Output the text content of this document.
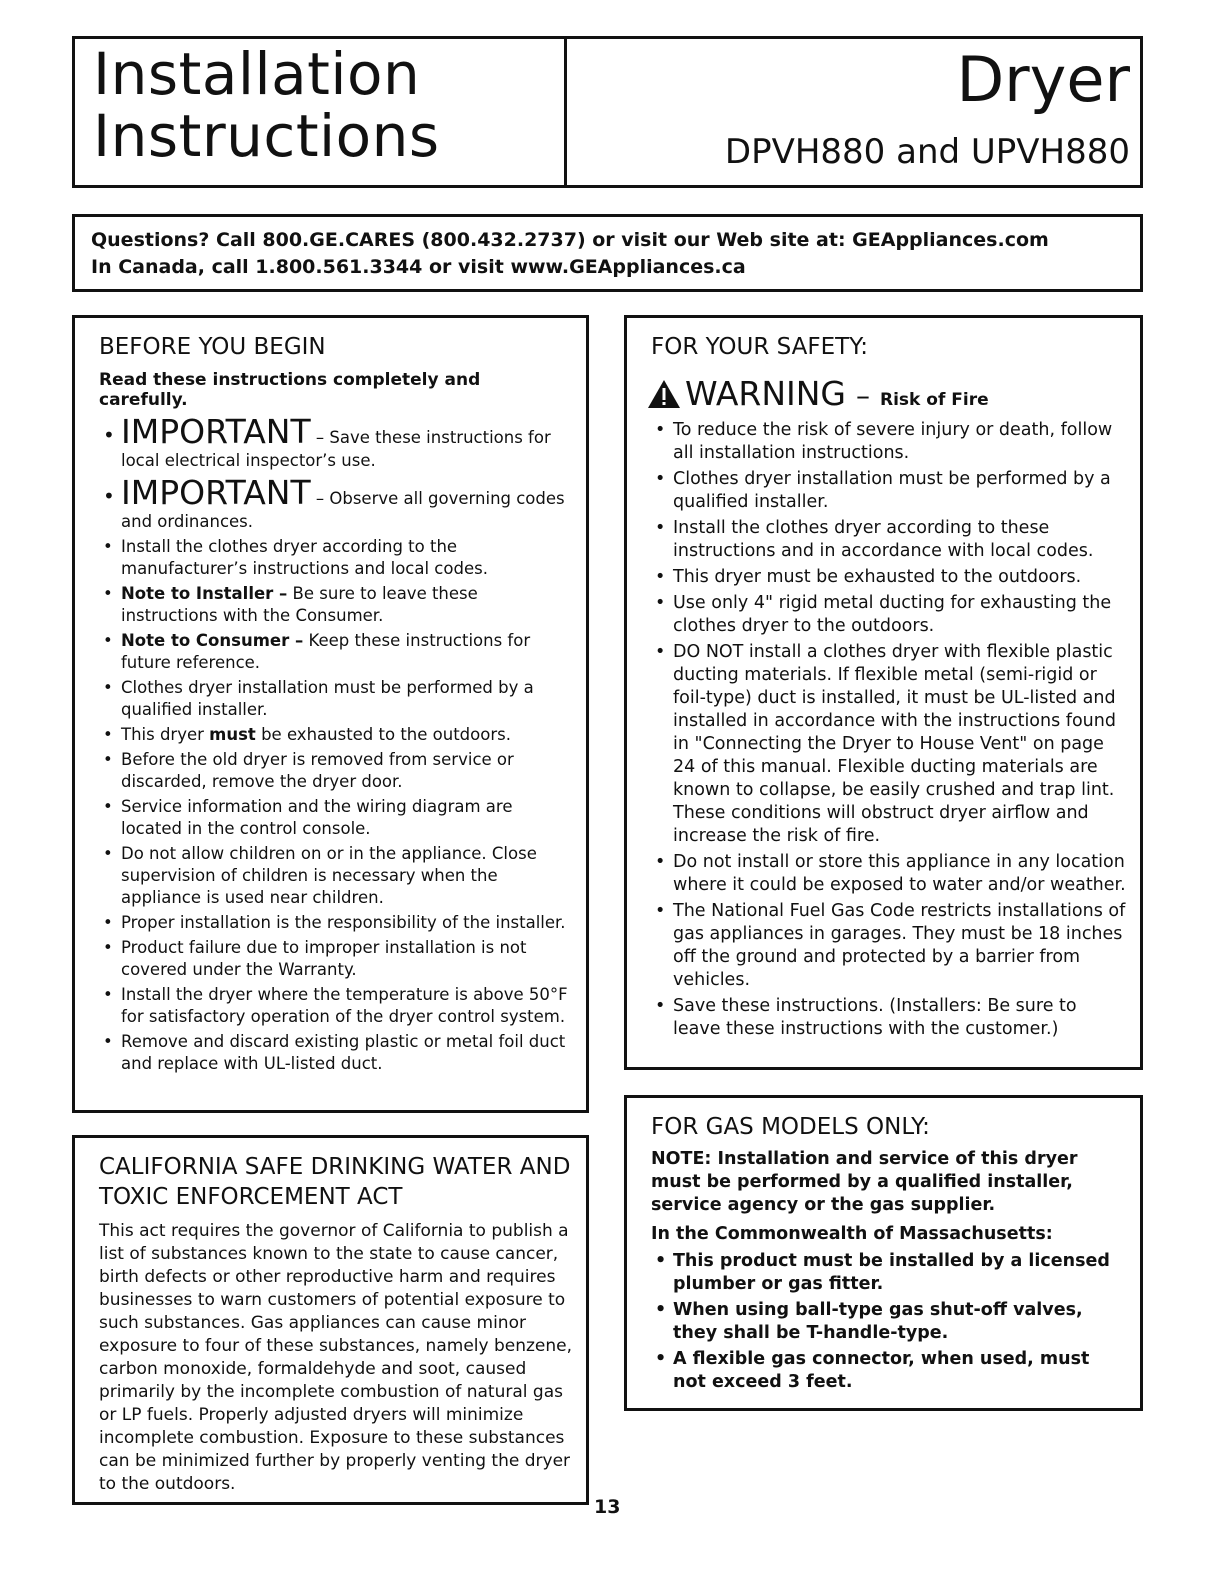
Installation
Instructions
Dryer
DPVH880 and UPVH880
Questions? Call 800.GE.CARES (800.432.2737) or visit our Web site at: GEAppliances.com
In Canada, call 1.800.561.3344 or visit www.GEAppliances.ca
BEFORE YOU BEGIN
Read these instructions completely and carefully.
• IMPORTANT – Save these instructions for local electrical inspector’s use.
• IMPORTANT – Observe all governing codes and ordinances.
• Install the clothes dryer according to the manufacturer’s instructions and local codes.
• Note to Installer – Be sure to leave these instructions with the Consumer.
• Note to Consumer – Keep these instructions for future reference.
• Clothes dryer installation must be performed by a qualified installer.
• This dryer must be exhausted to the outdoors.
• Before the old dryer is removed from service or discarded, remove the dryer door.
• Service information and the wiring diagram are located in the control console.
• Do not allow children on or in the appliance. Close supervision of children is necessary when the appliance is used near children.
• Proper installation is the responsibility of the installer.
• Product failure due to improper installation is not covered under the Warranty.
• Install the dryer where the temperature is above 50°F for satisfactory operation of the dryer control system.
• Remove and discard existing plastic or metal foil duct and replace with UL-listed duct.
CALIFORNIA SAFE DRINKING WATER AND TOXIC ENFORCEMENT ACT

This act requires the governor of California to publish a list of substances known to the state to cause cancer, birth defects or other reproductive harm and requires businesses to warn customers of potential exposure to such substances. Gas appliances can cause minor exposure to four of these substances, namely benzene, carbon monoxide, formaldehyde and soot, caused primarily by the incomplete combustion of natural gas or LP fuels. Properly adjusted dryers will minimize incomplete combustion. Exposure to these substances can be minimized further by properly venting the dryer to the outdoors.

FOR YOUR SAFETY:
WARNING – Risk of Fire
• To reduce the risk of severe injury or death, follow all installation instructions.
• Clothes dryer installation must be performed by a qualified installer.
• Install the clothes dryer according to these instructions and in accordance with local codes.
• This dryer must be exhausted to the outdoors.
• Use only 4" rigid metal ducting for exhausting the clothes dryer to the outdoors.
• DO NOT install a clothes dryer with flexible plastic ducting materials. If flexible metal (semi-rigid or foil-type) duct is installed, it must be UL-listed and installed in accordance with the instructions found in "Connecting the Dryer to House Vent" on page 24 of this manual. Flexible ducting materials are known to collapse, be easily crushed and trap lint. These conditions will obstruct dryer airflow and increase the risk of fire.
• Do not install or store this appliance in any location where it could be exposed to water and/or weather.
• The National Fuel Gas Code restricts installations of gas appliances in garages. They must be 18 inches off the ground and protected by a barrier from vehicles.
• Save these instructions. (Installers: Be sure to leave these instructions with the customer.)
FOR GAS MODELS ONLY:

NOTE: Installation and service of this dryer must be performed by a qualified installer, service agency or the gas supplier.

In the Commonwealth of Massachusetts:

• This product must be installed by a licensed plumber or gas fitter.
• When using ball-type gas shut-off valves, they shall be T-handle-type.
• A flexible gas connector, when used, must not exceed 3 feet.
13
